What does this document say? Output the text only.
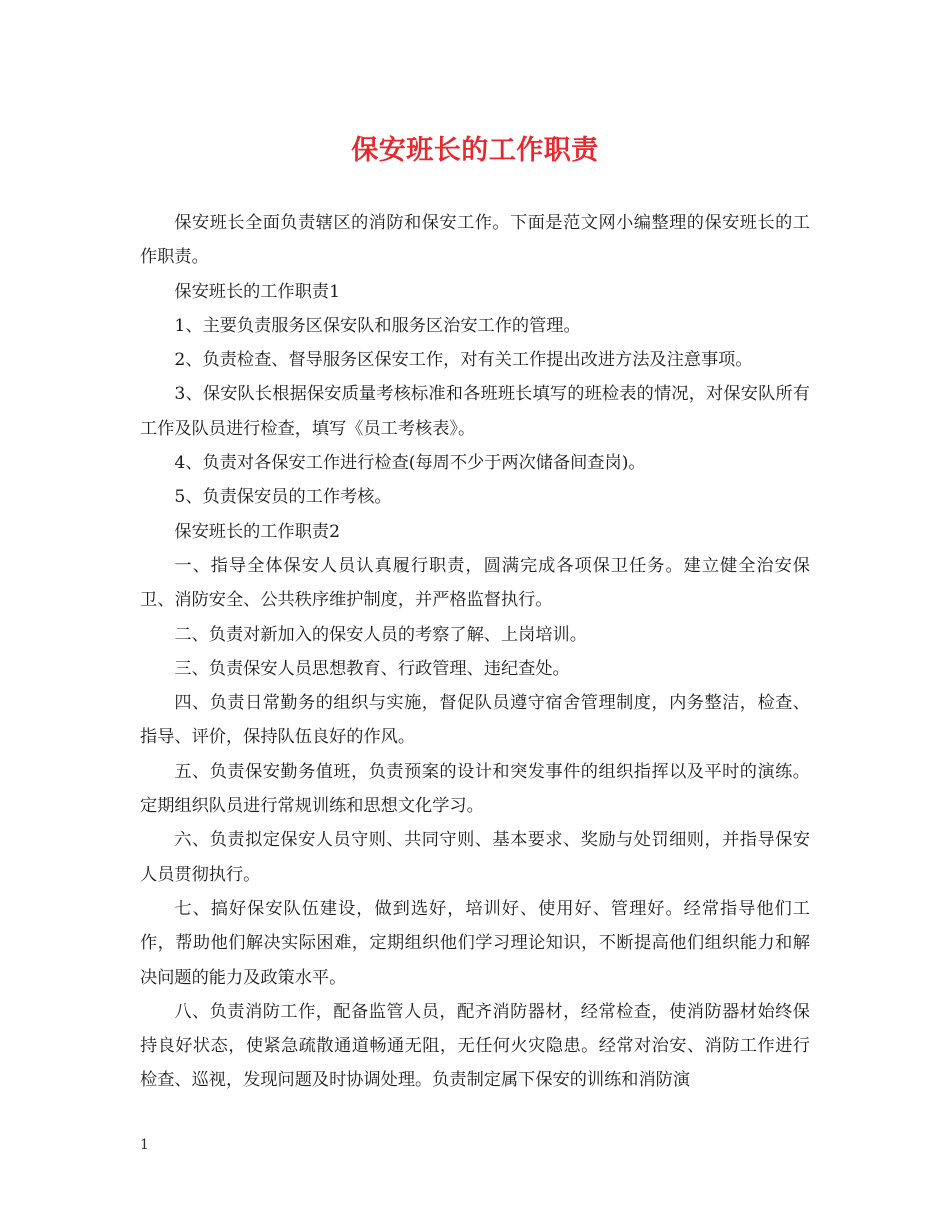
保安班长的工作职责

保安班长全面负责辖区的消防和保安工作。下面是范文网小编整理的保安班长的工作职责。

保安班长的工作职责1

1、主要负责服务区保安队和服务区治安工作的管理。

2、负责检查、督导服务区保安工作，对有关工作提出改进方法及注意事项。

3、保安队长根据保安质量考核标准和各班班长填写的班检表的情况，对保安队所有工作及队员进行检查，填写《员工考核表》。

4、负责对各保安工作进行检查(每周不少于两次储备间查岗)。

5、负责保安员的工作考核。

保安班长的工作职责2

一、指导全体保安人员认真履行职责，圆满完成各项保卫任务。建立健全治安保卫、消防安全、公共秩序维护制度，并严格监督执行。

二、负责对新加入的保安人员的考察了解、上岗培训。

三、负责保安人员思想教育、行政管理、违纪查处。

四、负责日常勤务的组织与实施，督促队员遵守宿舍管理制度，内务整洁，检查、指导、评价，保持队伍良好的作风。

五、负责保安勤务值班，负责预案的设计和突发事件的组织指挥以及平时的演练。定期组织队员进行常规训练和思想文化学习。

六、负责拟定保安人员守则、共同守则、基本要求、奖励与处罚细则，并指导保安人员贯彻执行。

七、搞好保安队伍建设，做到选好，培训好、使用好、管理好。经常指导他们工作，帮助他们解决实际困难，定期组织他们学习理论知识，不断提高他们组织能力和解决问题的能力及政策水平。

八、负责消防工作，配备监管人员，配齐消防器材，经常检查，使消防器材始终保持良好状态，使紧急疏散通道畅通无阻，无任何火灾隐患。经常对治安、消防工作进行检查、巡视，发现问题及时协调处理。负责制定属下保安的训练和消防演

1
